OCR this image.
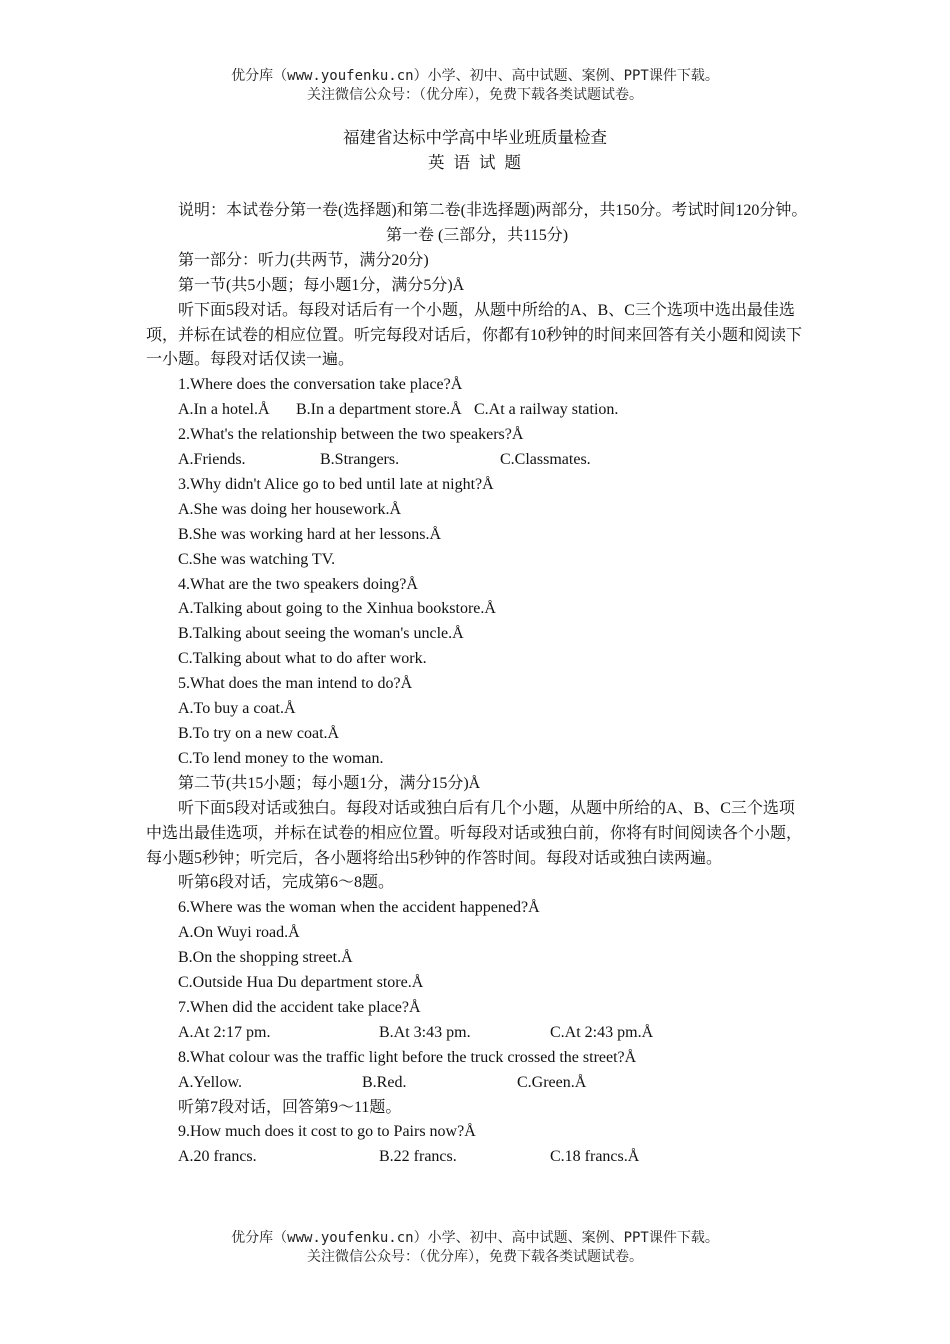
优分库（www.youfenku.cn）小学、初中、高中试题、案例、PPT课件下载。
关注微信公众号：（优分库），免费下载各类试题试卷。
福建省达标中学高中毕业班质量检查
英语试题

说明：本试卷分第一卷(选择题)和第二卷(非选择题)两部分，共150分。考试时间120分钟。

第一卷 (三部分，共115分)

第一部分：听力(共两节，满分20分)

第一节(共5小题；每小题1分，满分5分)Å

听下面5段对话。每段对话后有一个小题，从题中所给的A、B、C三个选项中选出最佳选项，并标在试卷的相应位置。听完每段对话后，你都有10秒钟的时间来回答有关小题和阅读下一小题。每段对话仅读一遍。

1.Where does the conversation take place?Å

A.In a hotel.Å B.In a department store.Å C.At a railway station.

2.What's the relationship between the two speakers?Å

A.Friends.	B.Strangers.	C.Classmates.

3.Why didn't Alice go to bed until late at night?Å

A.She was doing her housework.Å

B.She was working hard at her lessons.Å

C.She was watching TV.

4.What are the two speakers doing?Å

A.Talking about going to the Xinhua bookstore.Å

B.Talking about seeing the woman's uncle.Å

C.Talking about what to do after work.

5.What does the man intend to do?Å

A.To buy a coat.Å

B.To try on a new coat.Å

C.To lend money to the woman.

第二节(共15小题；每小题1分，满分15分)Å

听下面5段对话或独白。每段对话或独白后有几个小题，从题中所给的A、B、C三个选项中选出最佳选项，并标在试卷的相应位置。听每段对话或独白前，你将有时间阅读各个小题，每小题5秒钟；听完后，各小题将给出5秒钟的作答时间。每段对话或独白读两遍。

听第6段对话，完成第6～8题。

6.Where was the woman when the accident happened?Å

A.On Wuyi road.Å

B.On the shopping street.Å

C.Outside Hua Du department store.Å

7.When did the accident take place?Å

A.At 2:17 pm.	B.At 3:43 pm.	C.At 2:43 pm.Å

8.What colour was the traffic light before the truck crossed the street?Å

A.Yellow.	B.Red.	C.Green.Å

听第7段对话，回答第9～11题。

9.How much does it cost to go to Pairs now?Å

A.20 francs.	B.22 francs.	C.18 francs.Å
优分库（www.youfenku.cn）小学、初中、高中试题、案例、PPT课件下载。
关注微信公众号：（优分库），免费下载各类试题试卷。
